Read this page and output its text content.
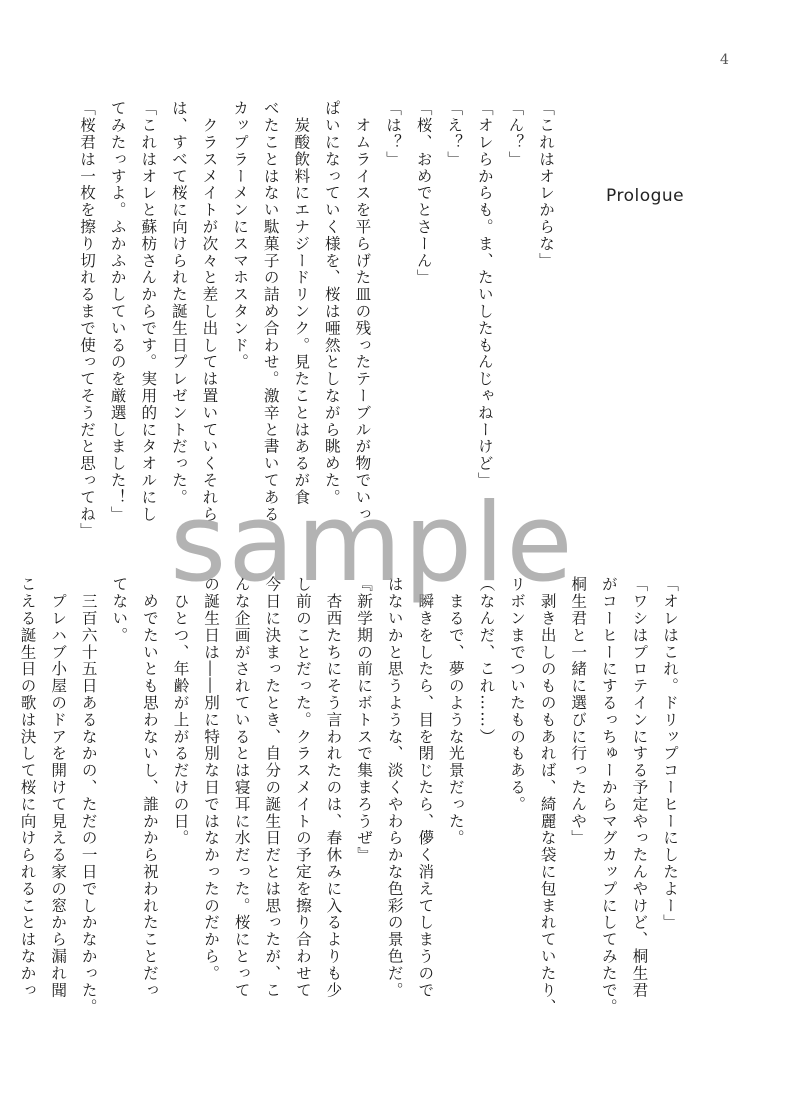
4
Prologue
「これはオレからな」
「ん？」
「オレらからも。ま、たいしたもんじゃねーけど」
「え？」
「桜、おめでとさーん」
「は？」
　オムライスを平らげた皿の残ったテーブルが物でいっ
ぱいになっていく様を、桜は唖然としながら眺めた。
　炭酸飲料にエナジードリンク。見たことはあるが食
べたことはない駄菓子の詰め合わせ。激辛と書いてある
カップラーメンにスマホスタンド。
　クラスメイトが次々と差し出しては置いていくそれら
は、すべて桜に向けられた誕生日プレゼントだった。
「これはオレと蘇枋さんからです。実用的にタオルにし
てみたっすよ。ふかふかしているのを厳選しました！」
「桜君は一枚を擦り切れるまで使ってそうだと思ってね」
「オレはこれ。ドリップコーヒーにしたよー」
「ワシはプロテインにする予定やったんやけど、桐生君
がコーヒーにするっちゅーからマグカップにしてみたで。
桐生君と一緒に選びに行ったんや」
　剥き出しのものもあれば、綺麗な袋に包まれていたり、
リボンまでついたものもある。
（なんだ、これ……）
　まるで、夢のような光景だった。
　瞬きをしたら、目を閉じたら、儚く消えてしまうので
はないかと思うような、淡くやわらかな色彩の景色だ。
『新学期の前にボトスで集まろうぜ』
　杏西たちにそう言われたのは、春休みに入るよりも少
し前のことだった。クラスメイトの予定を擦り合わせて
今日に決まったとき、自分の誕生日だとは思ったが、こ
んな企画がされているとは寝耳に水だった。桜にとって
の誕生日は――別に特別な日ではなかったのだから。
　ひとつ、年齢が上がるだけの日。
　めでたいとも思わないし、誰かから祝われたことだっ
てない。
　三百六十五日あるなかの、ただの一日でしかなかった。
　プレハブ小屋のドアを開けて見える家の窓から漏れ聞
こえる誕生日の歌は決して桜に向けられることはなかっ
sample
